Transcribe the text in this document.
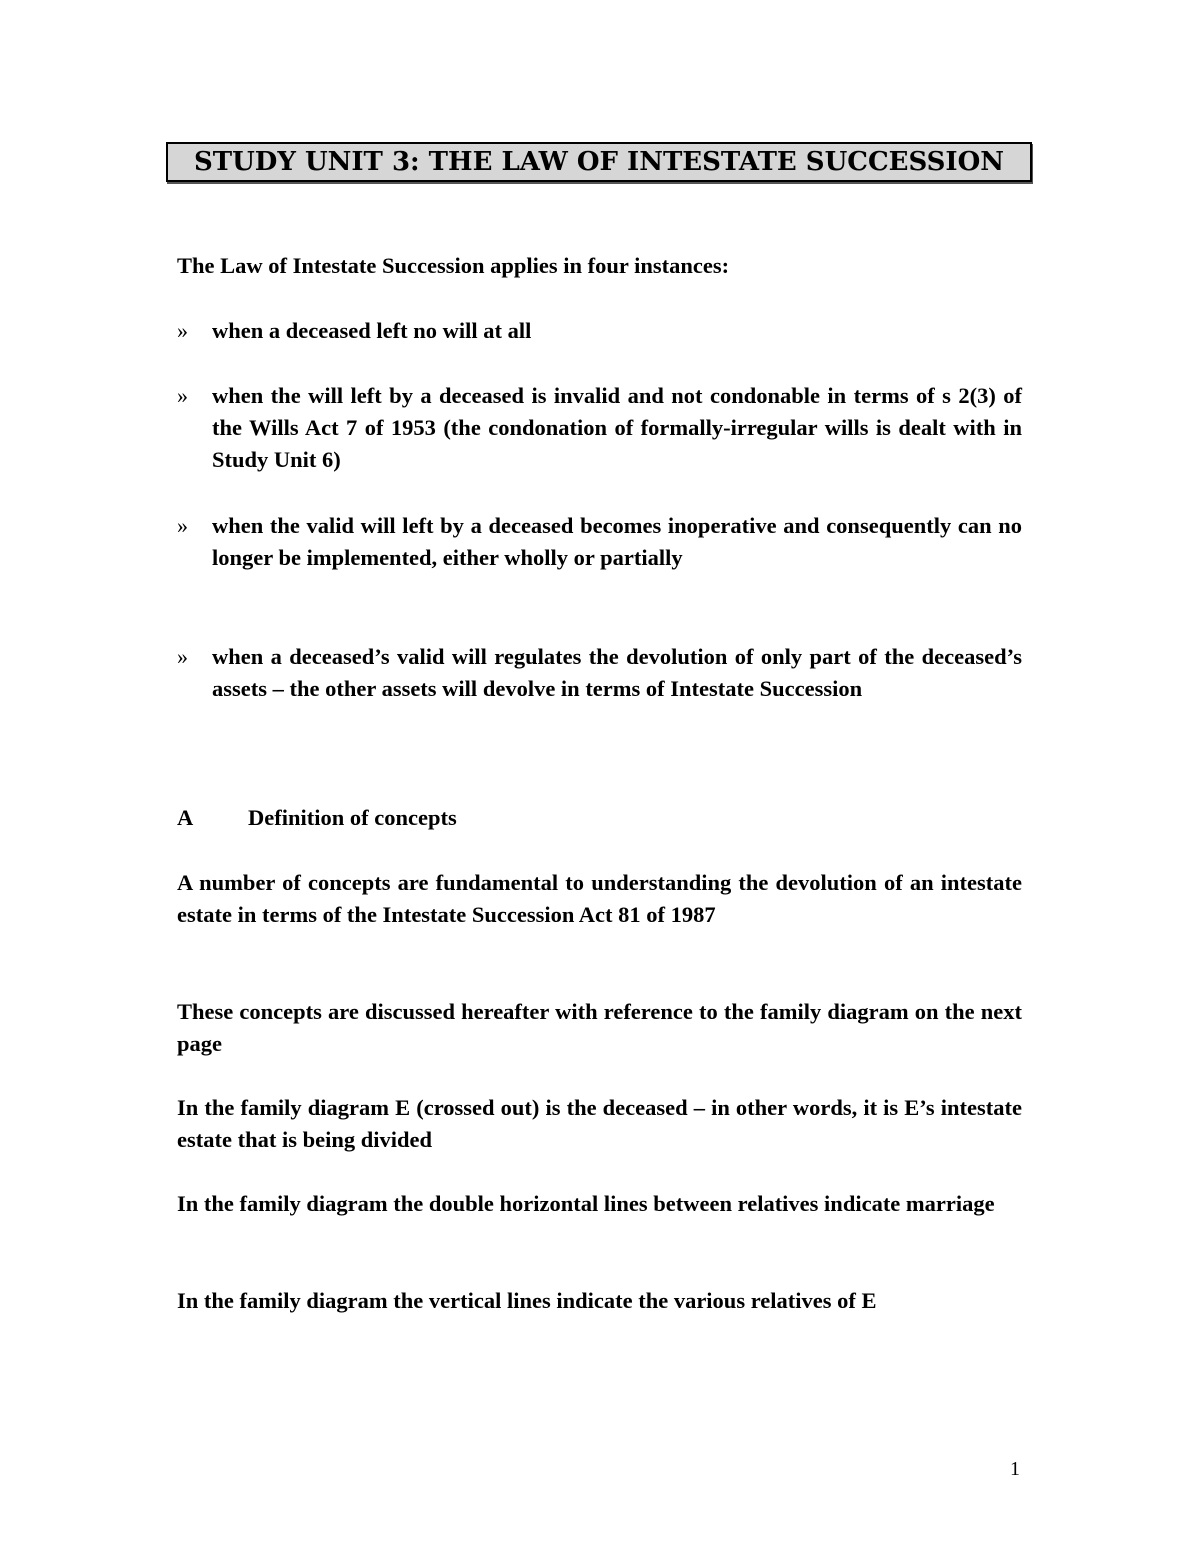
STUDY UNIT 3: THE LAW OF INTESTATE SUCCESSION
The Law of Intestate Succession applies in four instances:
»	when a deceased left no will at all
»	when the will left by a deceased is invalid and not condonable in terms of s 2(3) of the Wills Act 7 of 1953 (the condonation of formally-irregular wills is dealt with in Study Unit 6)
»	when the valid will left by a deceased becomes inoperative and consequently can no longer be implemented, either wholly or partially
»	when a deceased’s valid will regulates the devolution of only part of the deceased’s assets – the other assets will devolve in terms of Intestate Succession
A Definition of concepts
A number of concepts are fundamental to understanding the devolution of an intestate estate in terms of the Intestate Succession Act 81 of 1987
These concepts are discussed hereafter with reference to the family diagram on the next page
In the family diagram E (crossed out) is the deceased – in other words, it is E’s intestate estate that is being divided
In the family diagram the double horizontal lines between relatives indicate marriage
In the family diagram the vertical lines indicate the various relatives of E
1
